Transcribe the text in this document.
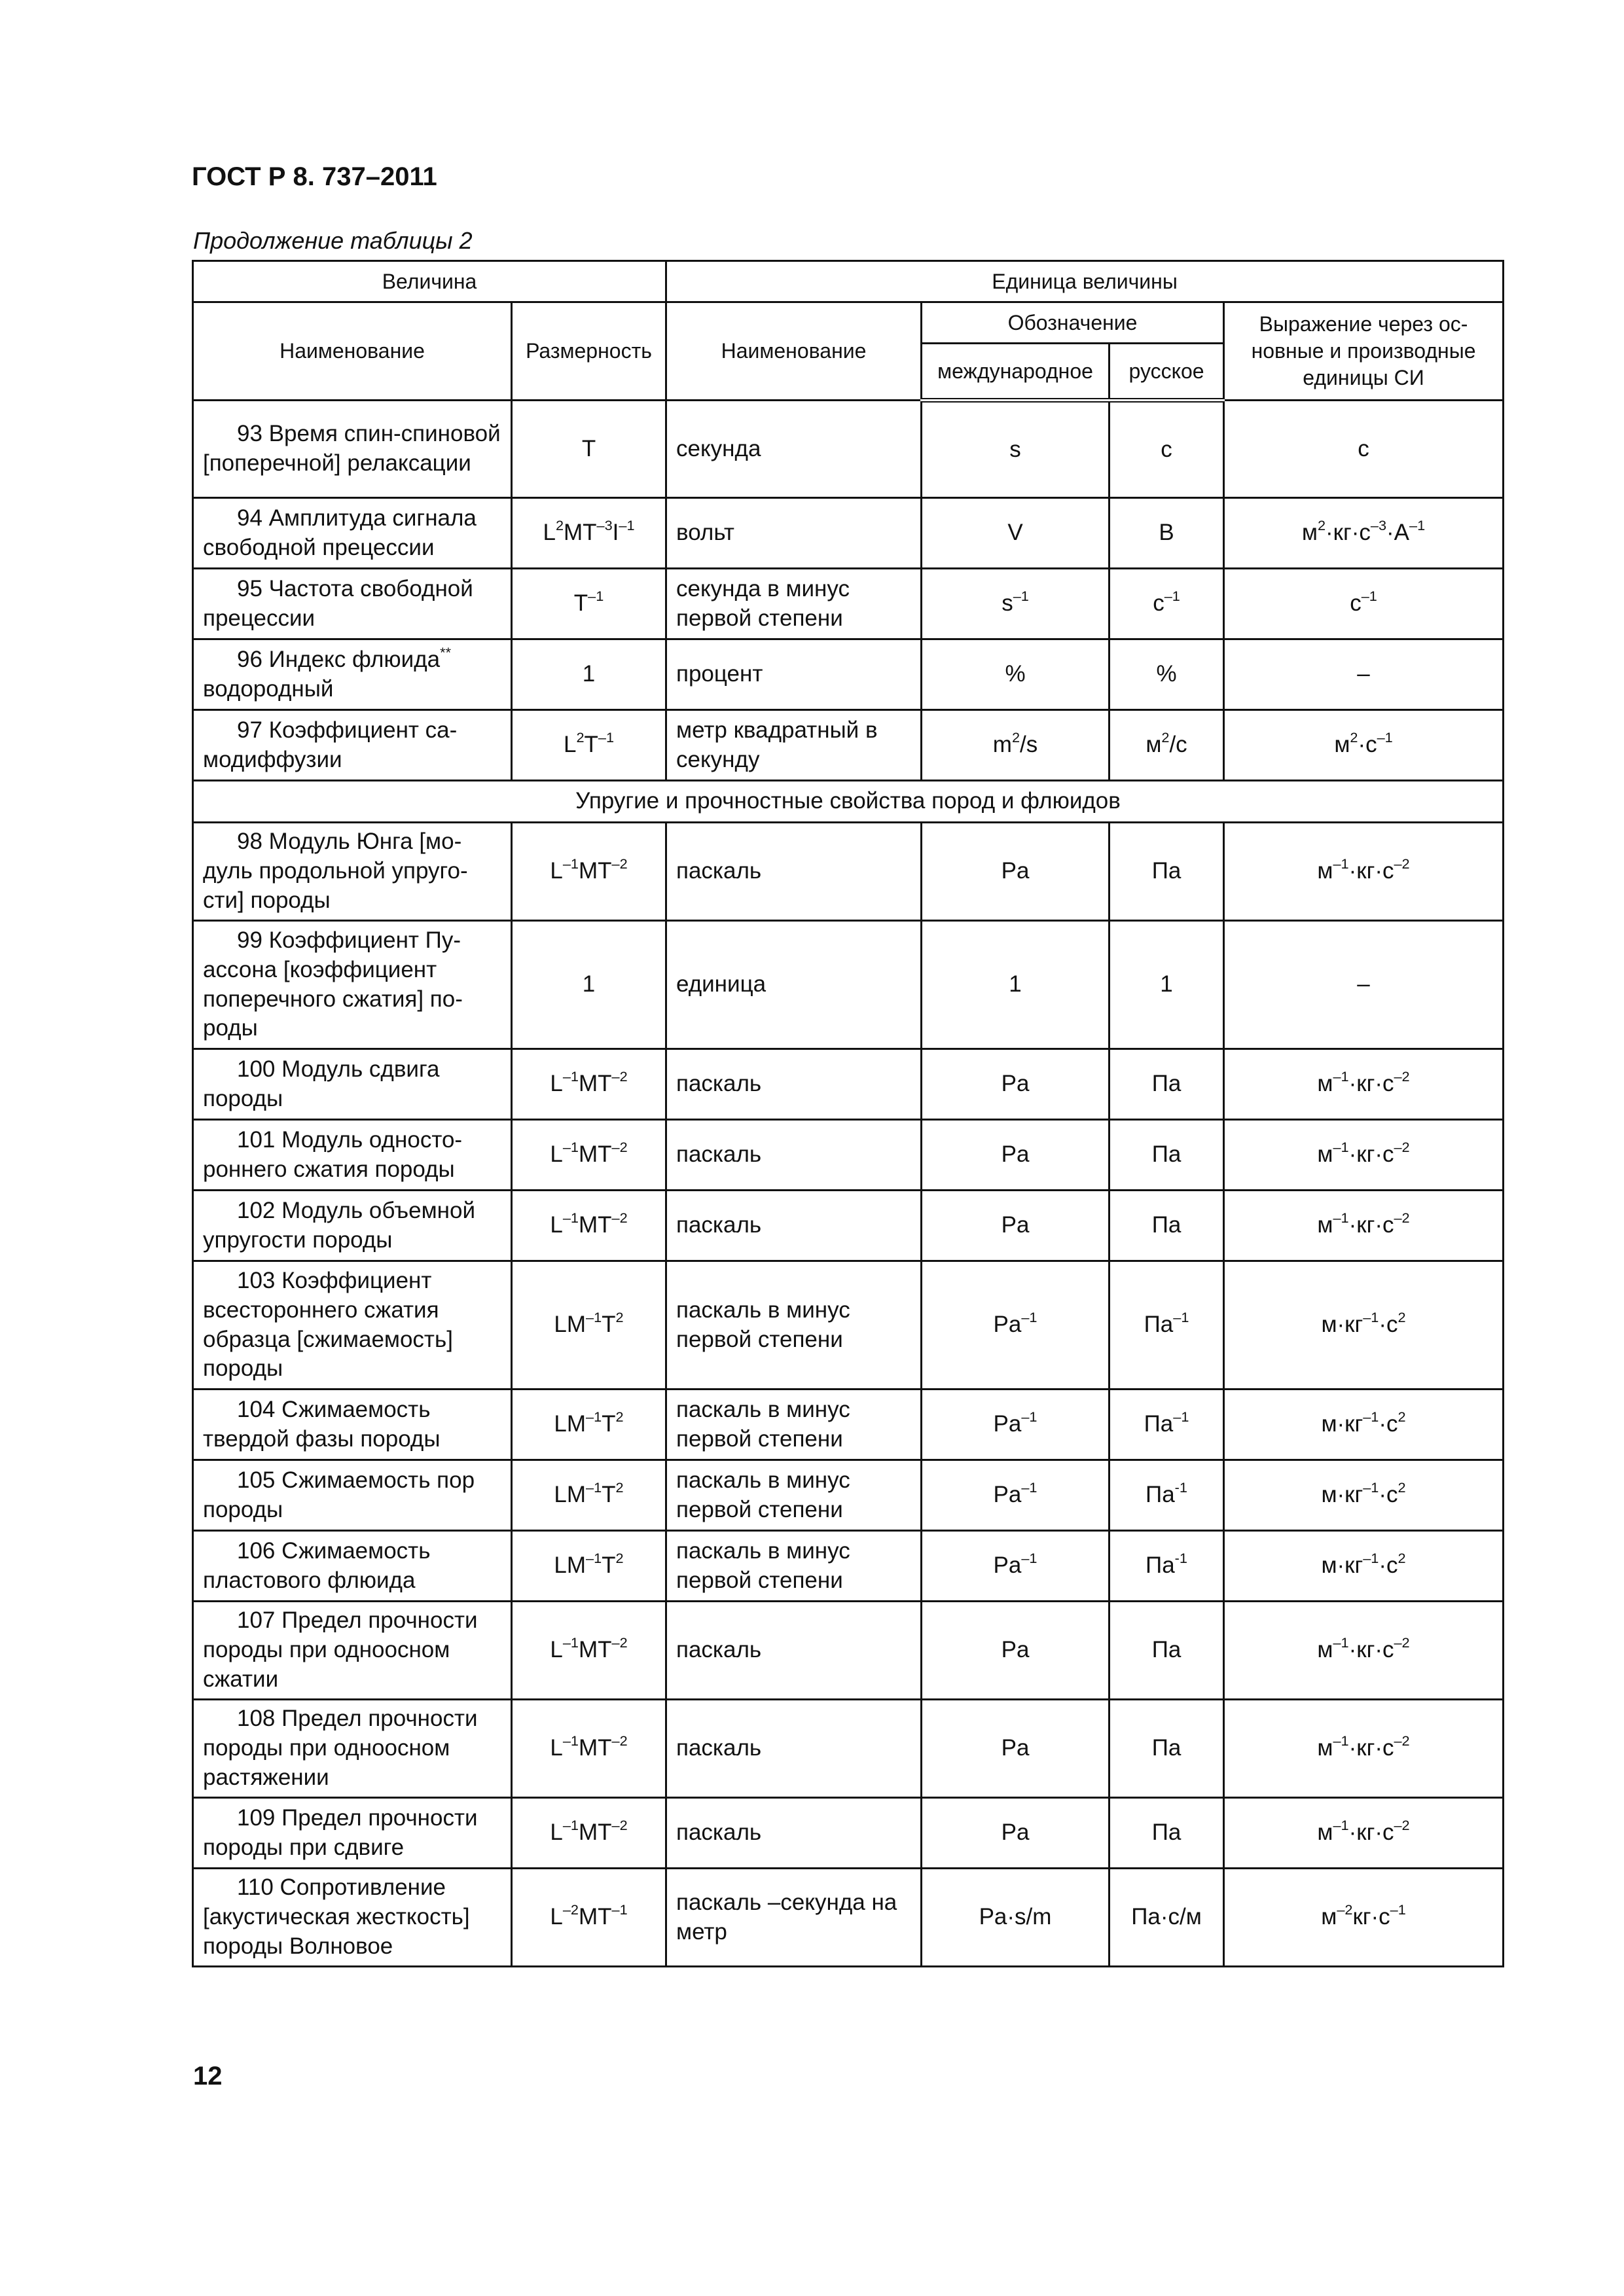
ГОСТ Р 8. 737–2011
Продолжение таблицы 2
Величина		Единица величины			
Наименование	Размерность	Наименование	Обозначение		Выражение через ос-новные и производные единицы СИ
			международное	русское	
93 Время спин-спиновой [поперечной] релаксации	T	секунда	s	с	с
94 Амплитуда сигнала свободной прецессии	$L^2MT^{-3}I^{-1}$	вольт	V	В	$м^2\cdot кг\cdot с^{-3}\cdot А^{-1}$
95 Частота свободной прецессии	$T^{-1}$	секунда в минус первой степени	$s^{-1}$	$с^{-1}$	$с^{-1}$
96 Индекс флюида** водородный	1	процент	%	%	–
97 Коэффициент са-модиффузии	$L^2T^{-1}$	метр квадратный в секунду	$m^2/s$	$м^2/с$	$м^2\cdot с^{-1}$
Упругие и прочностные свойства пород и флюидов					
98 Модуль Юнга [мо-дуль продольной упруго-сти] породы	$L^{-1}MT^{-2}$	паскаль	Pa	Па	$м^{-1}\cdot кг\cdot с^{-2}$
99 Коэффициент Пу-ассона [коэффициент поперечного сжатия] по-роды	1	единица	1	1	–
100 Модуль сдвига породы	$L^{-1}MT^{-2}$	паскаль	Pa	Па	$м^{-1}\cdot кг\cdot с^{-2}$
101 Модуль односто-роннего сжатия породы	$L^{-1}MT^{-2}$	паскаль	Pa	Па	$м^{-1}\cdot кг\cdot с^{-2}$
102 Модуль объемной упругости породы	$L^{-1}MT^{-2}$	паскаль	Pa	Па	$м^{-1}\cdot кг\cdot с^{-2}$
103 Коэффициент всестороннего сжатия образца [сжимаемость] породы	$LM^{-1}T^2$	паскаль в минус первой степени	$Pa^{-1}$	$Па^{-1}$	$м\cdot кг^{-1}\cdot с^2$
104 Сжимаемость твердой фазы породы	$LM^{-1}T^2$	паскаль в минус первой степени	$Pa^{-1}$	$Па^{-1}$	$м\cdot кг^{-1}\cdot с^2$
105 Сжимаемость пор породы	$LM^{-1}T^2$	паскаль в минус первой степени	$Pa^{-1}$	$Па^{-1}$	$м\cdot кг^{-1}\cdot с^2$
106 Сжимаемость пластового флюида	$LM^{-1}T^2$	паскаль в минус первой степени	$Pa^{-1}$	$Па^{-1}$	$м\cdot кг^{-1}\cdot с^2$
107 Предел прочности породы при одноосном сжатии	$L^{-1}MT^{-2}$	паскаль	Pa	Па	$м^{-1}\cdot кг\cdot с^{-2}$
108 Предел прочности породы при одноосном растяжении	$L^{-1}MT^{-2}$	паскаль	Pa	Па	$м^{-1}\cdot кг\cdot с^{-2}$
109 Предел прочности породы при сдвиге	$L^{-1}MT^{-2}$	паскаль	Pa	Па	$м^{-1}\cdot кг\cdot с^{-2}$
110 Сопротивление [акустическая жесткость] породы Волновое	$L^{-2}MT^{-1}$	паскаль –секунда на метр	Pa·s/m	Па·с/м	$м^{-2}кг\cdot с^{-1}$
12
